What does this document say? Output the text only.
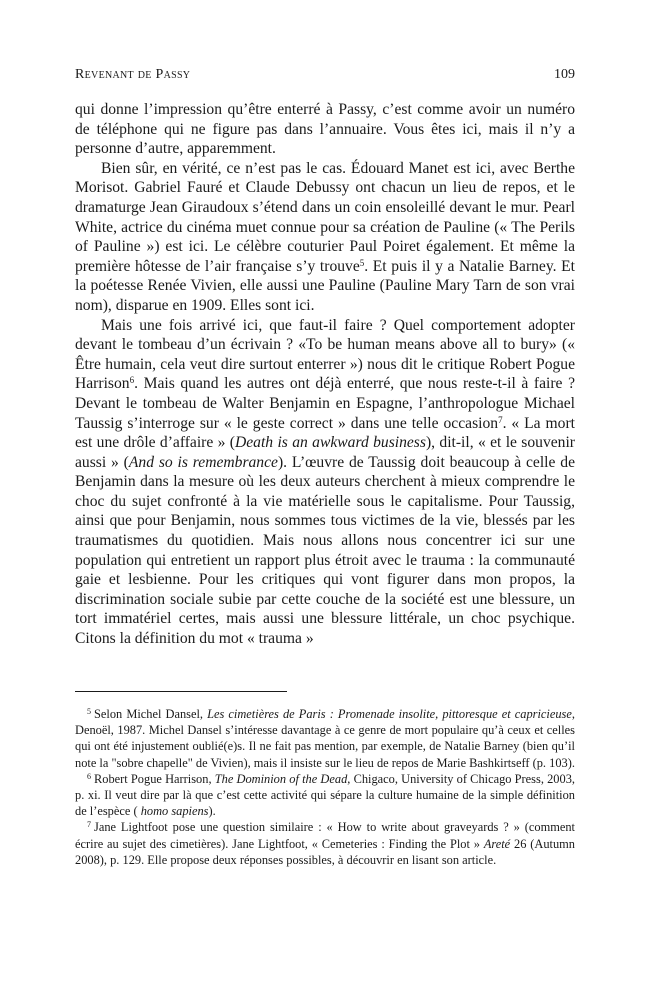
Revenant de Passy	109

qui donne l’impression qu’être enterré à Passy, c’est comme avoir un numéro de téléphone qui ne figure pas dans l’annuaire. Vous êtes ici, mais il n’y a personne d’autre, apparemment.

Bien sûr, en vérité, ce n’est pas le cas. Édouard Manet est ici, avec Berthe Morisot. Gabriel Fauré et Claude Debussy ont chacun un lieu de repos, et le dramaturge Jean Giraudoux s’étend dans un coin ensoleillé devant le mur. Pearl White, actrice du cinéma muet connue pour sa création de Pauline (« The Perils of Pauline ») est ici. Le célèbre couturier Paul Poiret également. Et même la première hôtesse de l’air française s’y trouve$^5$. Et puis il y a Natalie Barney. Et la poétesse Renée Vivien, elle aussi une Pauline (Pauline Mary Tarn de son vrai nom), disparue en 1909. Elles sont ici.

Mais une fois arrivé ici, que faut-il faire ? Quel comportement adopter devant le tombeau d’un écrivain ? «To be human means above all to bury» (« Être humain, cela veut dire surtout enterrer ») nous dit le critique Robert Pogue Harrison$^6$. Mais quand les autres ont déjà enterré, que nous reste-t-il à faire ? Devant le tombeau de Walter Benjamin en Espagne, l’anthropologue Michael Taussig s’interroge sur « le geste correct » dans une telle occasion$^7$. « La mort est une drôle d’affaire » (Death is an awkward business), dit-il, « et le souvenir aussi » (And so is remembrance). L’œuvre de Taussig doit beaucoup à celle de Benjamin dans la mesure où les deux auteurs cherchent à mieux comprendre le choc du sujet confronté à la vie matérielle sous le capitalisme. Pour Taussig, ainsi que pour Benjamin, nous sommes tous victimes de la vie, blessés par les traumatismes du quotidien. Mais nous allons nous concentrer ici sur une population qui entretient un rapport plus étroit avec le trauma : la communauté gaie et lesbienne. Pour les critiques qui vont figurer dans mon propos, la discrimination sociale subie par cette couche de la société est une blessure, un tort immatériel certes, mais aussi une blessure littérale, un choc psychique. Citons la définition du mot « trauma »

$^5$ Selon Michel Dansel, Les cimetières de Paris : Promenade insolite, pittoresque et capricieuse, Denoël, 1987. Michel Dansel s’intéresse davantage à ce genre de mort populaire qu’à ceux et celles qui ont été injustement oublié(e)s. Il ne fait pas mention, par exemple, de Natalie Barney (bien qu’il note la "sobre chapelle" de Vivien), mais il insiste sur le lieu de repos de Marie Bashkirtseff (p. 103).

$^6$ Robert Pogue Harrison, The Dominion of the Dead, Chigaco, University of Chicago Press, 2003, p. xi. Il veut dire par là que c’est cette activité qui sépare la culture humaine de la simple définition de l’espèce ( homo sapiens).

$^7$ Jane Lightfoot pose une question similaire : « How to write about graveyards ? » (comment écrire au sujet des cimetières). Jane Lightfoot, « Cemeteries : Finding the Plot » Areté 26 (Autumn 2008), p. 129. Elle propose deux réponses possibles, à découvrir en lisant son article.
